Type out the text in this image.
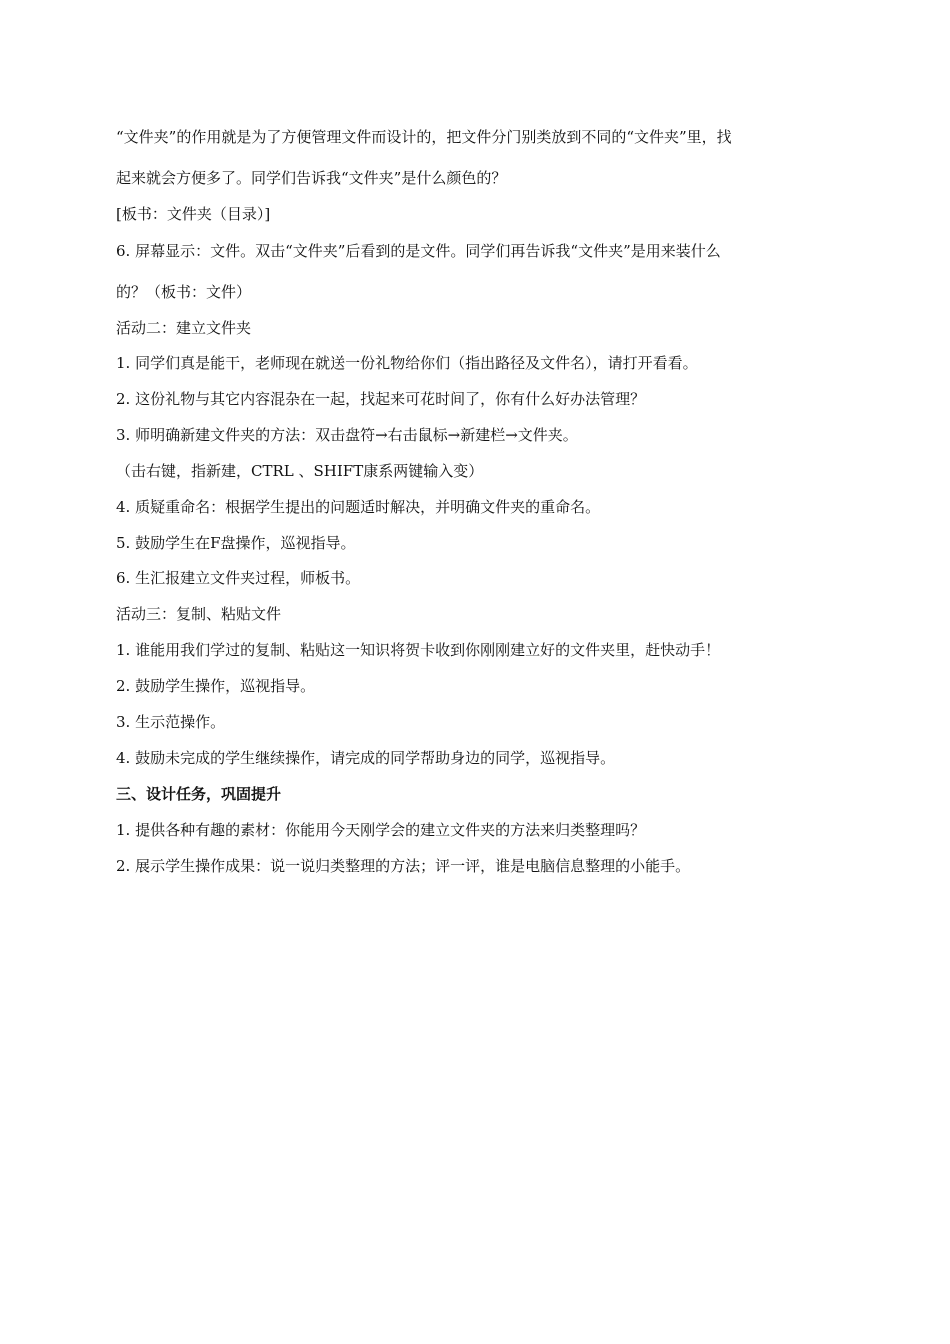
“文件夹”的作用就是为了方便管理文件而设计的，把文件分门别类放到不同的“文件夹”里，找
起来就会方便多了。同学们告诉我“文件夹”是什么颜色的？
[板书：文件夹（目录）]
6. 屏幕显示：文件。双击“文件夹”后看到的是文件。同学们再告诉我“文件夹”是用来装什么
的？（板书：文件）
活动二：建立文件夹
1. 同学们真是能干，老师现在就送一份礼物给你们（指出路径及文件名），请打开看看。
2. 这份礼物与其它内容混杂在一起，找起来可花时间了，你有什么好办法管理？
3. 师明确新建文件夹的方法：双击盘符→右击鼠标→新建栏→文件夹。
（击右键，指新建，CTRL 、SHIFT康系两键输入变）
4. 质疑重命名：根据学生提出的问题适时解决，并明确文件夹的重命名。
5. 鼓励学生在F盘操作，巡视指导。
6. 生汇报建立文件夹过程，师板书。
活动三：复制、粘贴文件
1. 谁能用我们学过的复制、粘贴这一知识将贺卡收到你刚刚建立好的文件夹里，赶快动手！
2. 鼓励学生操作，巡视指导。
3. 生示范操作。
4. 鼓励未完成的学生继续操作，请完成的同学帮助身边的同学，巡视指导。
三、设计任务，巩固提升
1. 提供各种有趣的素材：你能用今天刚学会的建立文件夹的方法来归类整理吗？
2. 展示学生操作成果：说一说归类整理的方法；评一评，谁是电脑信息整理的小能手。
